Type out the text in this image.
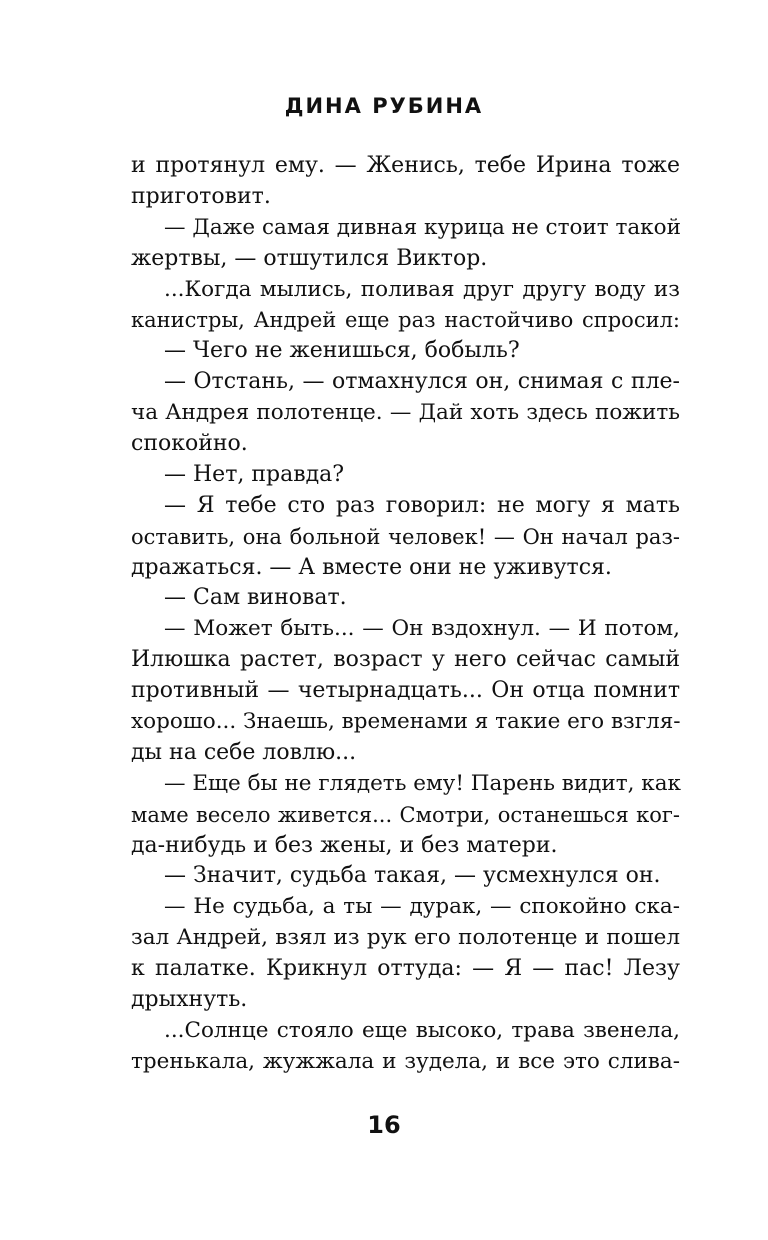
ДИНА РУБИНА
и протянул ему. — Женись, тебе Ирина тоже
приготовит.
— Даже самая дивная курица не стоит такой
жертвы, — отшутился Виктор.
...Когда мылись, поливая друг другу воду из
канистры, Андрей еще раз настойчиво спросил:
— Чего не женишься, бобыль?
— Отстань, — отмахнулся он, снимая с пле-
ча Андрея полотенце. — Дай хоть здесь пожить
спокойно.
— Нет, правда?
— Я тебе сто раз говорил: не могу я мать
оставить, она больной человек! — Он начал раз-
дражаться. — А вместе они не уживутся.
— Сам виноват.
— Может быть... — Он вздохнул. — И потом,
Илюшка растет, возраст у него сейчас самый
противный — четырнадцать... Он отца помнит
хорошо... Знаешь, временами я такие его взгля-
ды на себе ловлю...
— Еще бы не глядеть ему! Парень видит, как
маме весело живется... Смотри, останешься ког-
да-нибудь и без жены, и без матери.
— Значит, судьба такая, — усмехнулся он.
— Не судьба, а ты — дурак, — спокойно ска-
зал Андрей, взял из рук его полотенце и пошел
к палатке. Крикнул оттуда: — Я — пас! Лезу
дрыхнуть.
...Солнце стояло еще высоко, трава звенела,
тренькала, жужжала и зудела, и все это слива-
16
